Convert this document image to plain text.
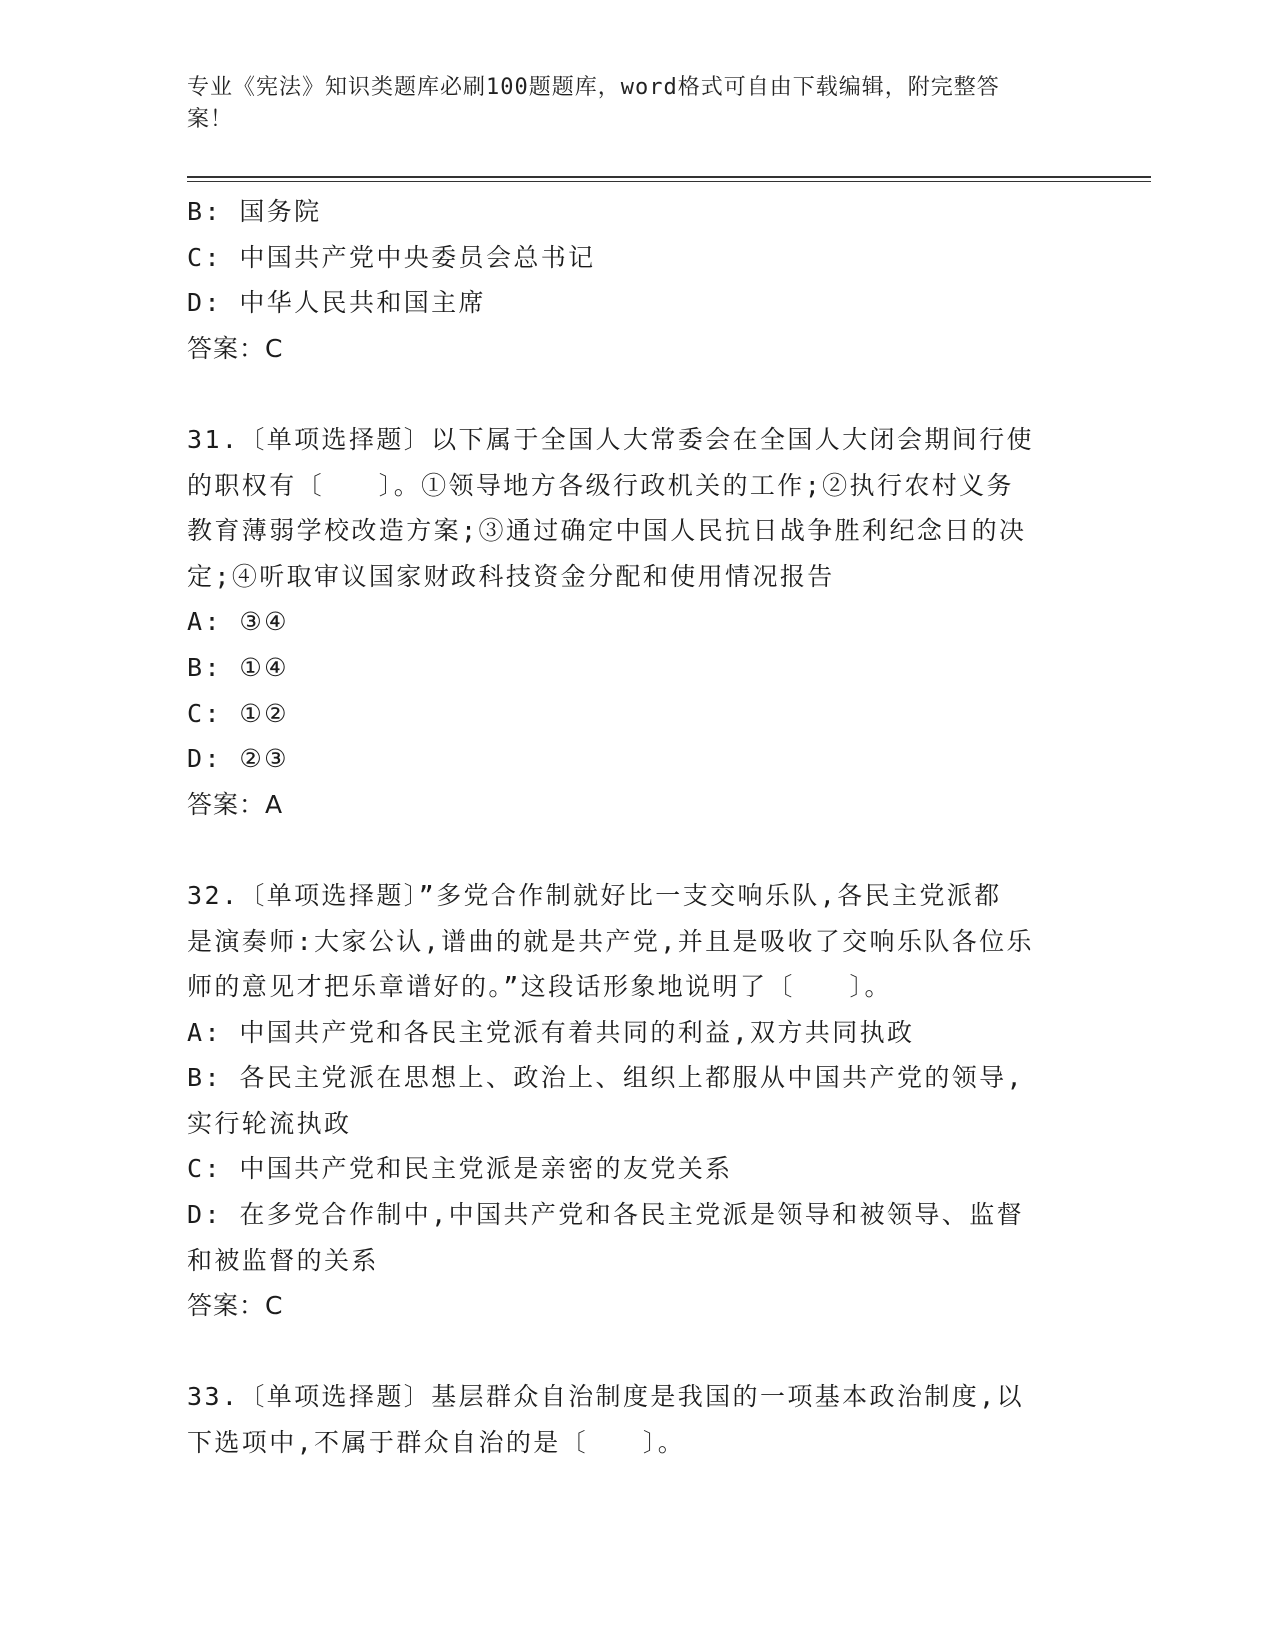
专业《宪法》知识类题库必刷100题题库，word格式可自由下载编辑，附完整答
案！
B: 国务院
C: 中国共产党中央委员会总书记
D: 中华人民共和国主席
答案：C
31.〔单项选择题〕以下属于全国人大常委会在全国人大闭会期间行使
的职权有〔　　〕。①领导地方各级行政机关的工作;②执行农村义务
教育薄弱学校改造方案;③通过确定中国人民抗日战争胜利纪念日的决
定;④听取审议国家财政科技资金分配和使用情况报告
A: ③④
B: ①④
C: ①②
D: ②③
答案：A
32.〔单项选择题〕”多党合作制就好比一支交响乐队,各民主党派都
是演奏师:大家公认,谱曲的就是共产党,并且是吸收了交响乐队各位乐
师的意见才把乐章谱好的。”这段话形象地说明了〔　　〕。
A: 中国共产党和各民主党派有着共同的利益,双方共同执政
B: 各民主党派在思想上、政治上、组织上都服从中国共产党的领导,
实行轮流执政
C: 中国共产党和民主党派是亲密的友党关系
D: 在多党合作制中,中国共产党和各民主党派是领导和被领导、监督
和被监督的关系
答案：C
33.〔单项选择题〕基层群众自治制度是我国的一项基本政治制度,以
下选项中,不属于群众自治的是〔　　〕。
